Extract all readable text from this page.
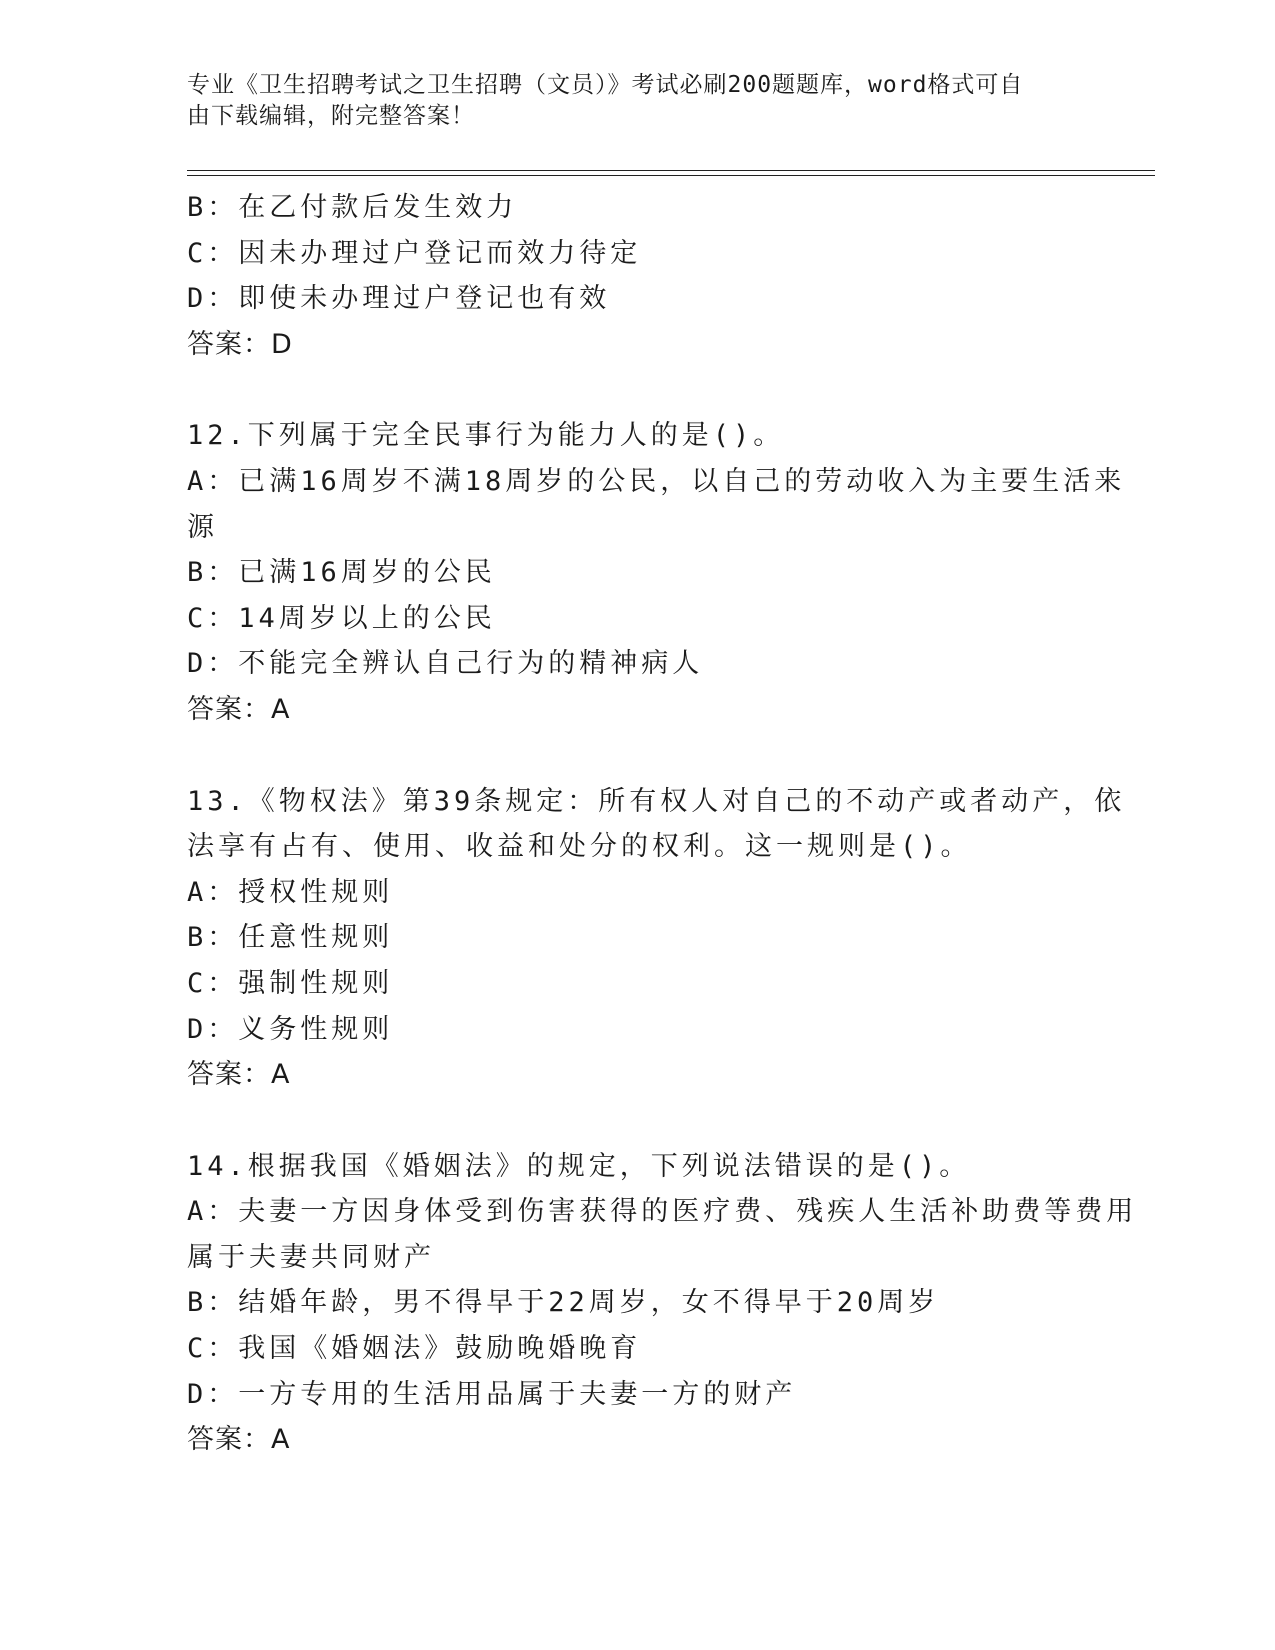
专业《卫生招聘考试之卫生招聘（文员）》考试必刷200题题库，word格式可自
由下载编辑，附完整答案！
B：在乙付款后发生效力
C：因未办理过户登记而效力待定
D：即使未办理过户登记也有效
答案：D
12.下列属于完全民事行为能力人的是()。
A：已满16周岁不满18周岁的公民，以自己的劳动收入为主要生活来
源
B：已满16周岁的公民
C：14周岁以上的公民
D：不能完全辨认自己行为的精神病人
答案：A
13.《物权法》第39条规定：所有权人对自己的不动产或者动产，依
法享有占有、使用、收益和处分的权利。这一规则是()。
A：授权性规则
B：任意性规则
C：强制性规则
D：义务性规则
答案：A
14.根据我国《婚姻法》的规定，下列说法错误的是()。
A：夫妻一方因身体受到伤害获得的医疗费、残疾人生活补助费等费用
属于夫妻共同财产
B：结婚年龄，男不得早于22周岁，女不得早于20周岁
C：我国《婚姻法》鼓励晚婚晚育
D：一方专用的生活用品属于夫妻一方的财产
答案：A
